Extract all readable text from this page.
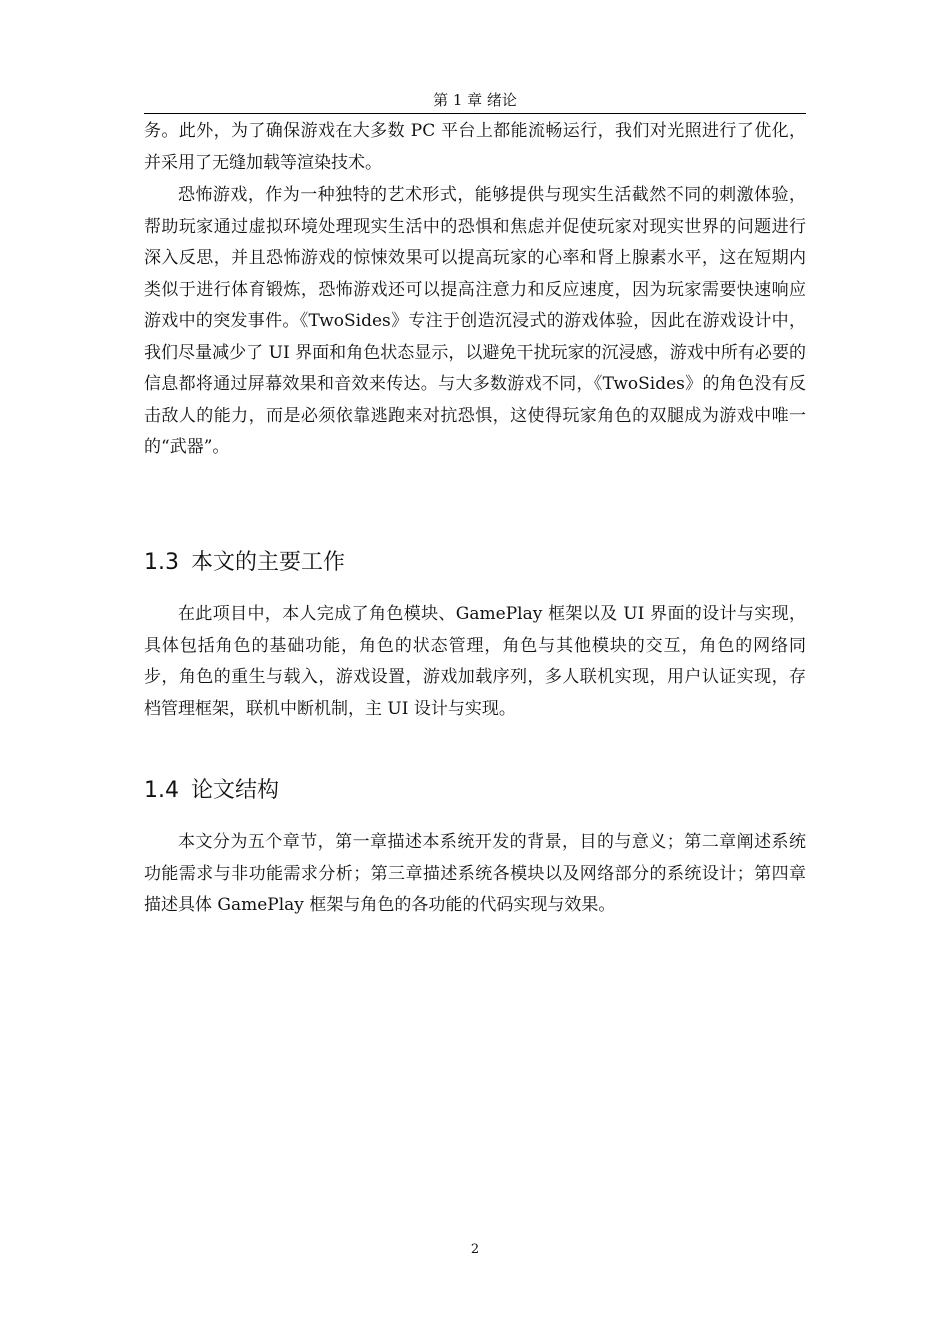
第 1 章 绪论

务。此外，为了确保游戏在大多数 PC 平台上都能流畅运行，我们对光照进行了优化，并采用了无缝加载等渲染技术。

恐怖游戏，作为一种独特的艺术形式，能够提供与现实生活截然不同的刺激体验，帮助玩家通过虚拟环境处理现实生活中的恐惧和焦虑并促使玩家对现实世界的问题进行深入反思，并且恐怖游戏的惊悚效果可以提高玩家的心率和肾上腺素水平，这在短期内类似于进行体育锻炼，恐怖游戏还可以提高注意力和反应速度，因为玩家需要快速响应游戏中的突发事件。《TwoSides》专注于创造沉浸式的游戏体验，因此在游戏设计中，我们尽量减少了 UI 界面和角色状态显示，以避免干扰玩家的沉浸感，游戏中所有必要的信息都将通过屏幕效果和音效来传达。与大多数游戏不同，《TwoSides》的角色没有反击敌人的能力，而是必须依靠逃跑来对抗恐惧，这使得玩家角色的双腿成为游戏中唯一的“武器”。

1.3 本文的主要工作

在此项目中，本人完成了角色模块、GamePlay 框架以及 UI 界面的设计与实现，具体包括角色的基础功能，角色的状态管理，角色与其他模块的交互，角色的网络同步，角色的重生与载入，游戏设置，游戏加载序列，多人联机实现，用户认证实现，存档管理框架，联机中断机制，主 UI 设计与实现。

1.4 论文结构

本文分为五个章节，第一章描述本系统开发的背景，目的与意义；第二章阐述系统功能需求与非功能需求分析；第三章描述系统各模块以及网络部分的系统设计；第四章描述具体 GamePlay 框架与角色的各功能的代码实现与效果。

2
